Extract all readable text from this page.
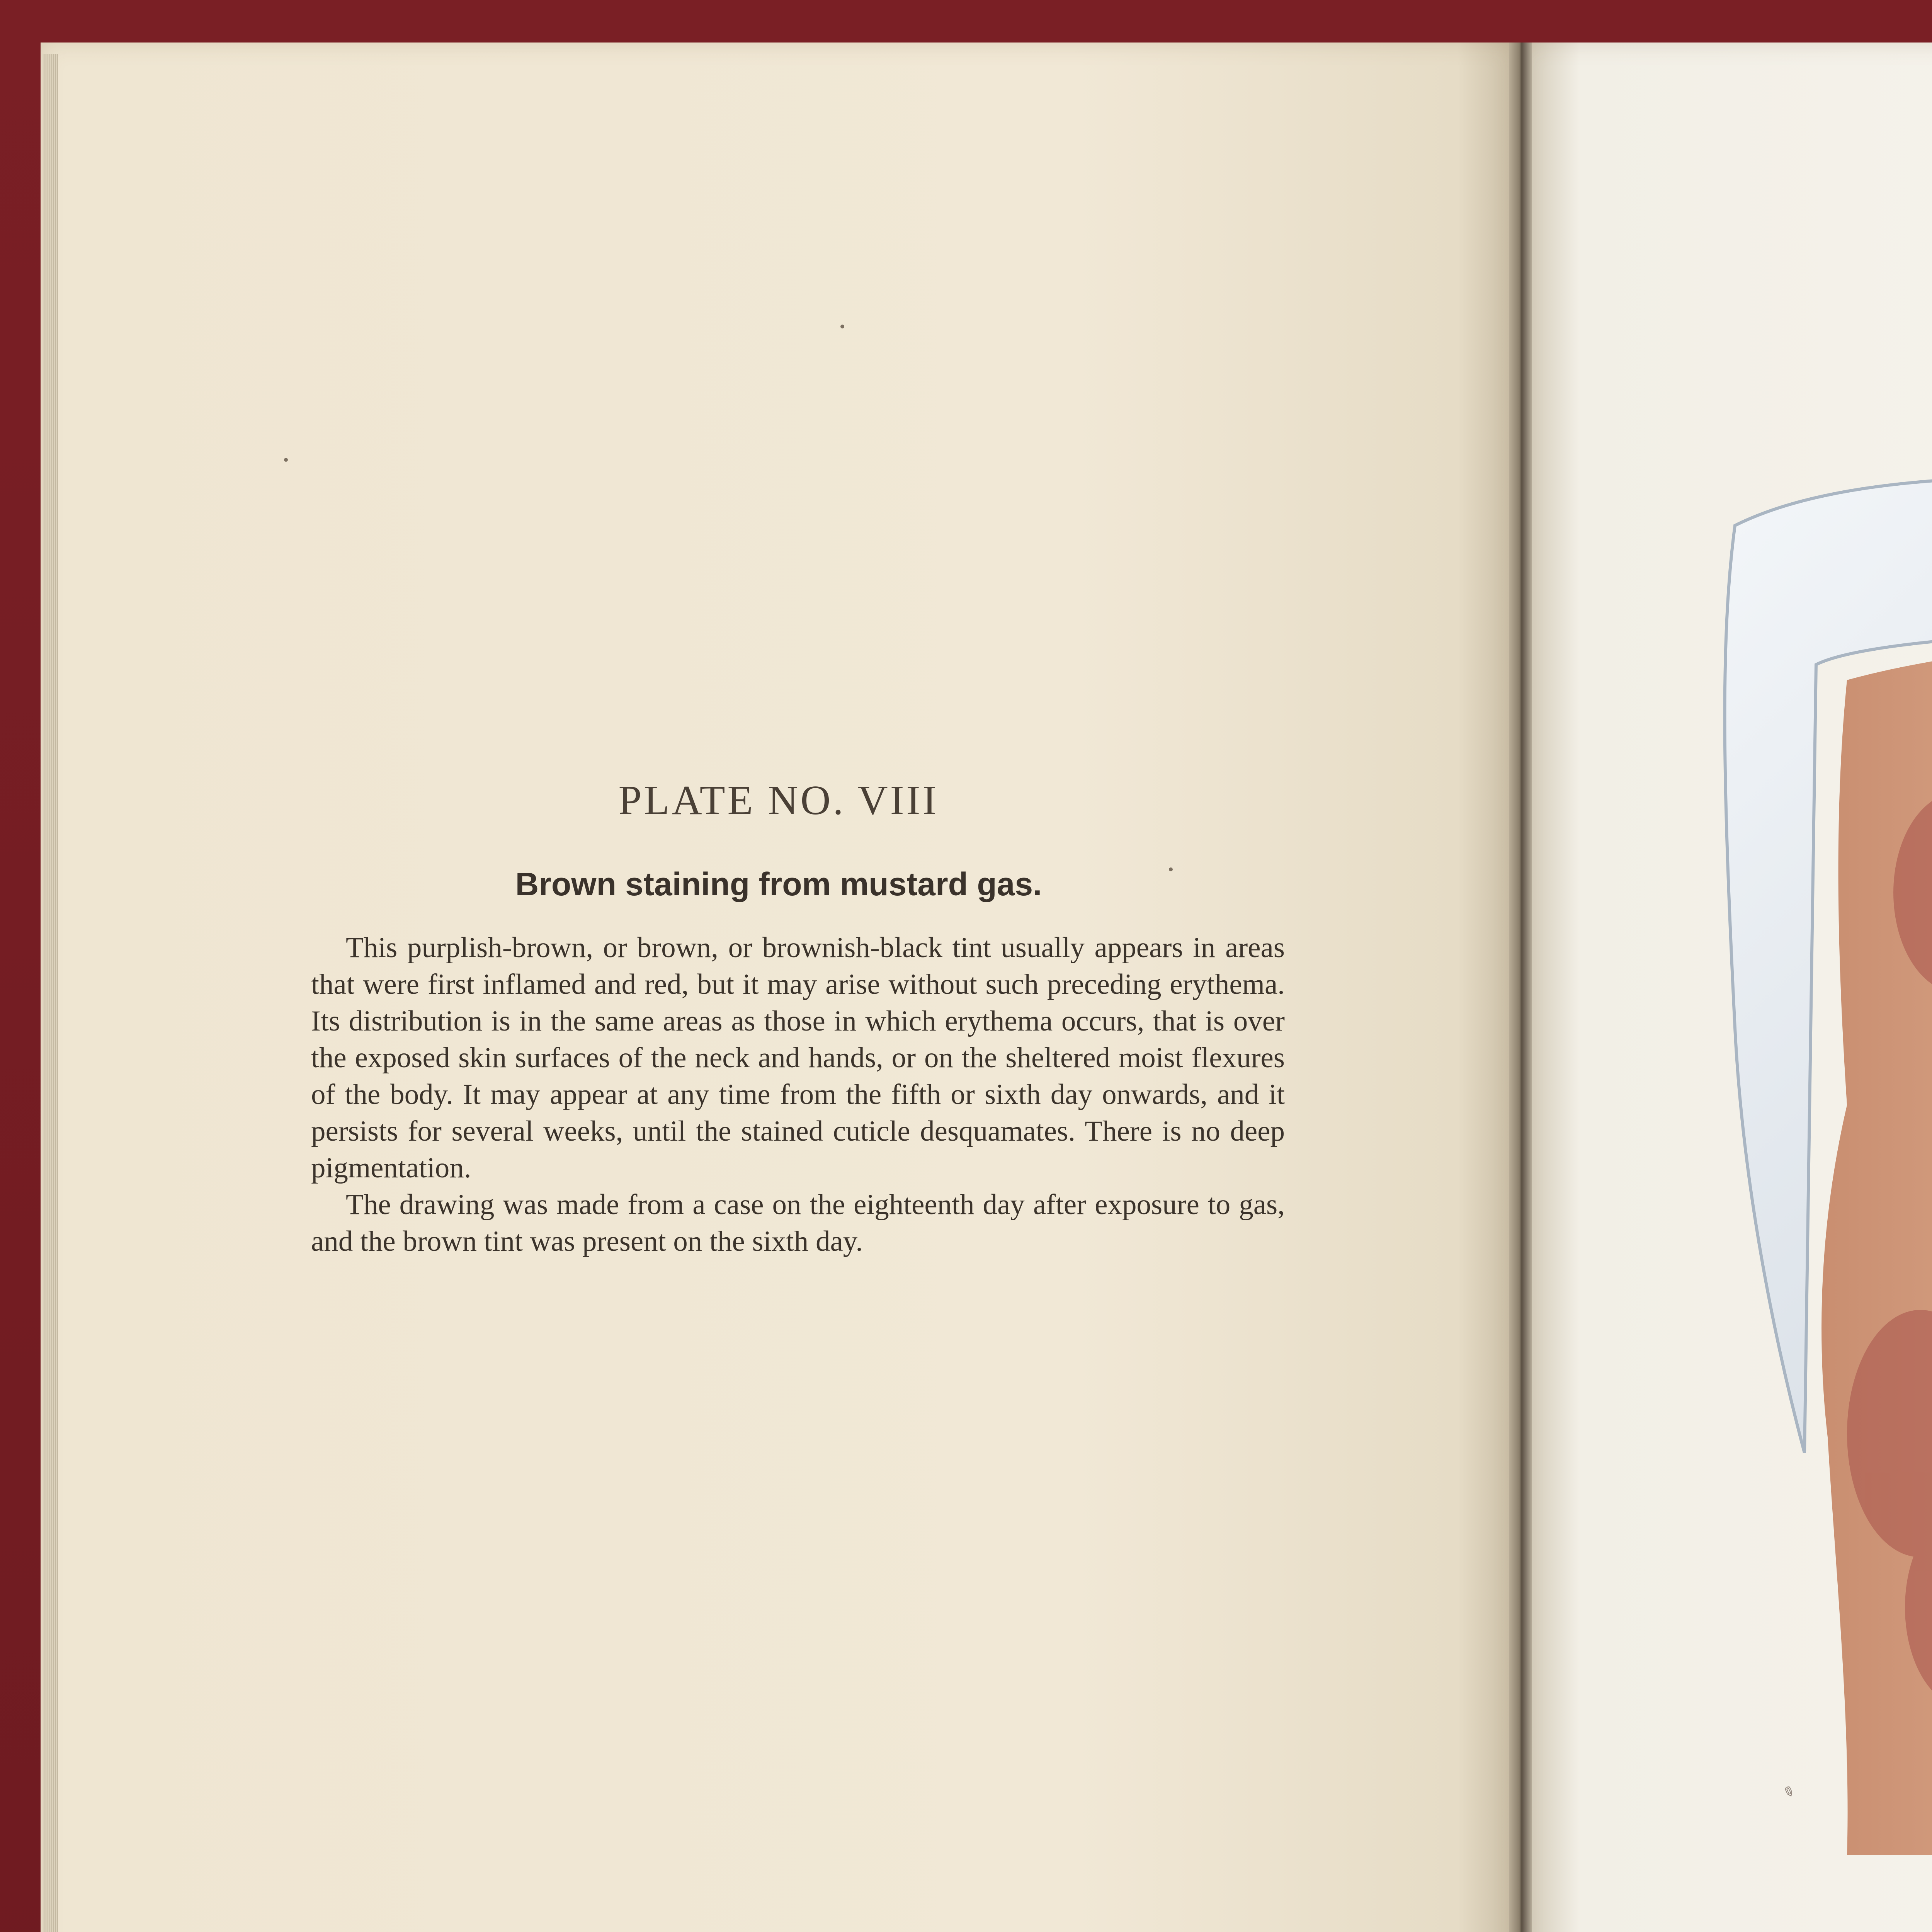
PLATE NO. VIII
Brown staining from mustard gas.

This purplish-brown, or brown, or brownish-black tint usually appears in areas that were first inflamed and red, but it may arise without such preceding erythema. Its distribution is in the same areas as those in which erythema occurs, that is over the exposed skin surfaces of the neck and hands, or on the sheltered moist flexures of the body. It may appear at any time from the fifth or sixth day onwards, and it persists for several weeks, until the stained cuticle desquamates. There is no deep pigmentation.

The drawing was made from a case on the eighteenth day after exposure to gas, and the brown tint was present on the sixth day.

✎
